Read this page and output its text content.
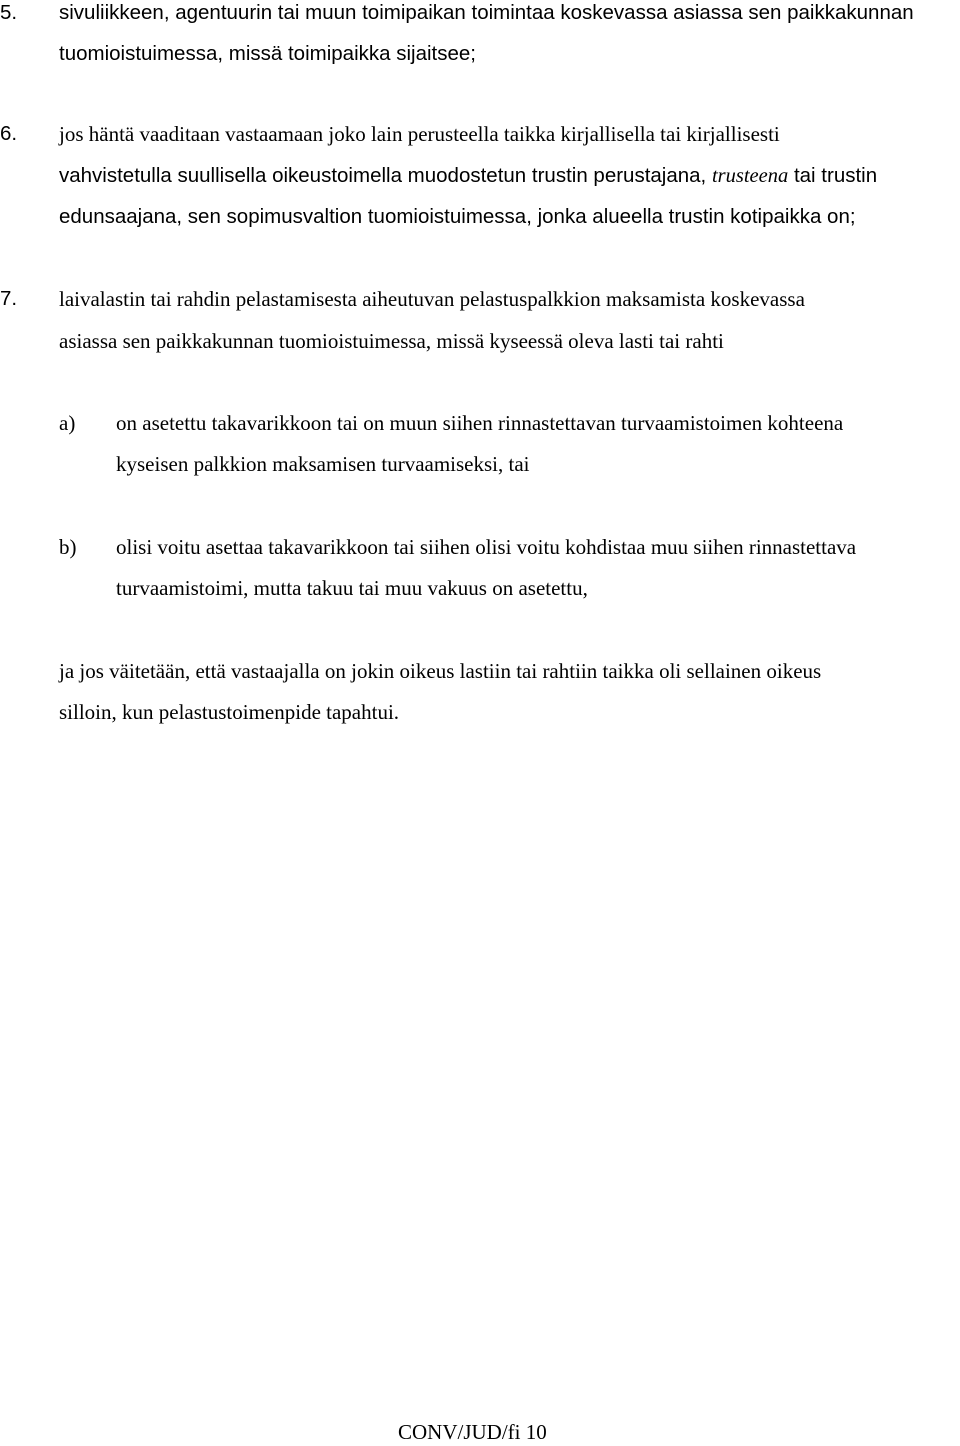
5. sivuliikkeen, agentuurin tai muun toimipaikan toimintaa koskevassa asiassa sen paikkakunnan
tuomioistuimessa, missä toimipaikka sijaitsee;
6. jos häntä vaaditaan vastaamaan joko lain perusteella taikka kirjallisella tai kirjallisesti
vahvistetulla suullisella oikeustoimella muodostetun trustin perustajana, trusteena tai trustin
edunsaajana, sen sopimusvaltion tuomioistuimessa, jonka alueella trustin kotipaikka on;
7. laivalastin tai rahdin pelastamisesta aiheutuvan pelastuspalkkion maksamista koskevassa
asiassa sen paikkakunnan tuomioistuimessa, missä kyseessä oleva lasti tai rahti
a) on asetettu takavarikkoon tai on muun siihen rinnastettavan turvaamistoimen kohteena
kyseisen palkkion maksamisen turvaamiseksi, tai
b) olisi voitu asettaa takavarikkoon tai siihen olisi voitu kohdistaa muu siihen rinnastettava
turvaamistoimi, mutta takuu tai muu vakuus on asetettu,
ja jos väitetään, että vastaajalla on jokin oikeus lastiin tai rahtiin taikka oli sellainen oikeus
silloin, kun pelastustoimenpide tapahtui.
CONV/JUD/fi 10
